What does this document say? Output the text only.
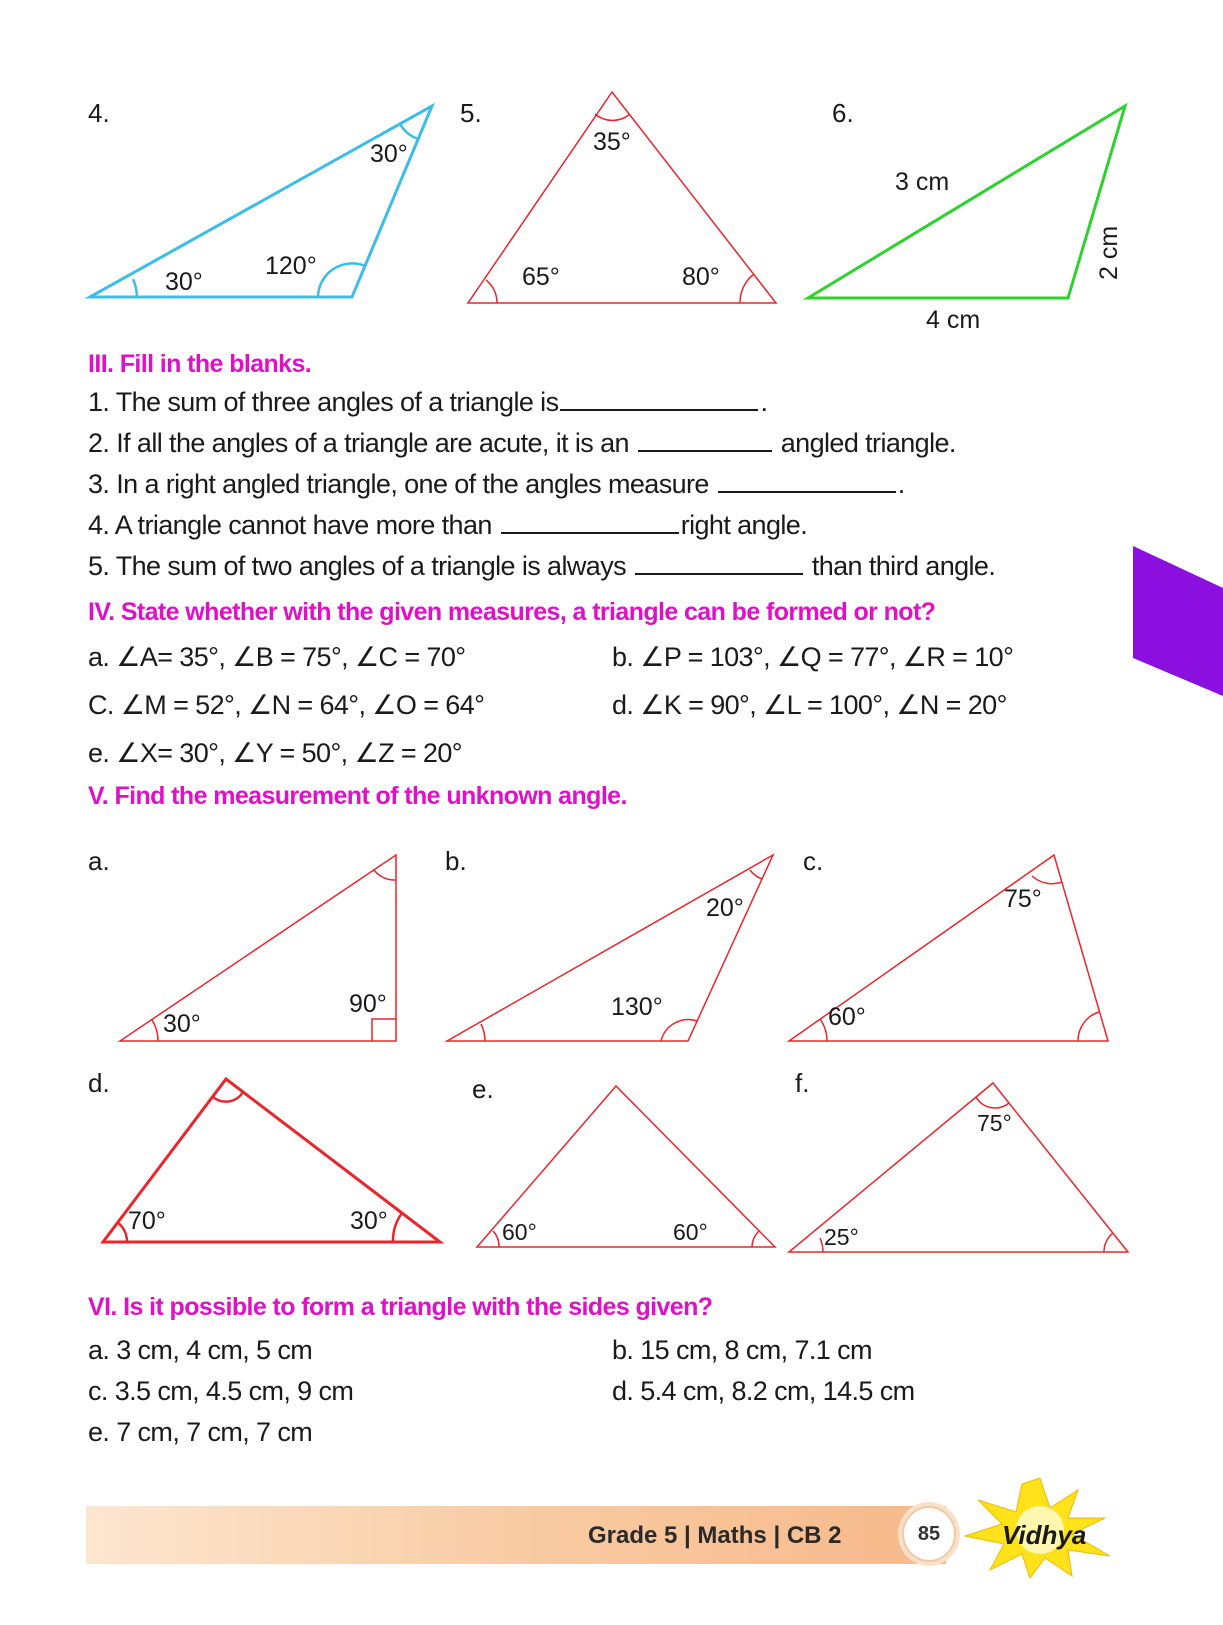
4.
30°
120°
30°
5.
35°
65°	80°
6.
3 cm
4 cm
2 cm
III. Fill in the blanks.
1. The sum of three angles of a triangle is	.
2. If all the angles of a triangle are acute, it is an	angled triangle.
3. In a right angled triangle, one of the angles measure	.
4. A triangle cannot have more than	right angle.
5. The sum of two angles of a triangle is always	than third angle.
IV. State whether with the given measures, a triangle can be formed or not?
a. ∠A= 35°, ∠B = 75°, ∠C = 70°	b. ∠P = 103°, ∠Q = 77°, ∠R = 10°
C. ∠M = 52°, ∠N = 64°, ∠O = 64°	d. ∠K = 90°, ∠L = 100°, ∠N = 20°
e. ∠X= 30°, ∠Y = 50°, ∠Z = 20°
V. Find the measurement of the unknown angle.
a.	b.	c.
d.	e.	f.
30°
90°
20°
130°
75°
60°
70°	30°	60°	60°
75°
25°
VI. Is it possible to form a triangle with the sides given?
a. 3 cm, 4 cm, 5 cm	b. 15 cm, 8 cm, 7.1 cm
c. 3.5 cm, 4.5 cm, 9 cm	d. 5.4 cm, 8.2 cm, 14.5 cm
e. 7 cm, 7 cm, 7 cm
Grade 5 | Maths | CB 2	85	Vidhya
